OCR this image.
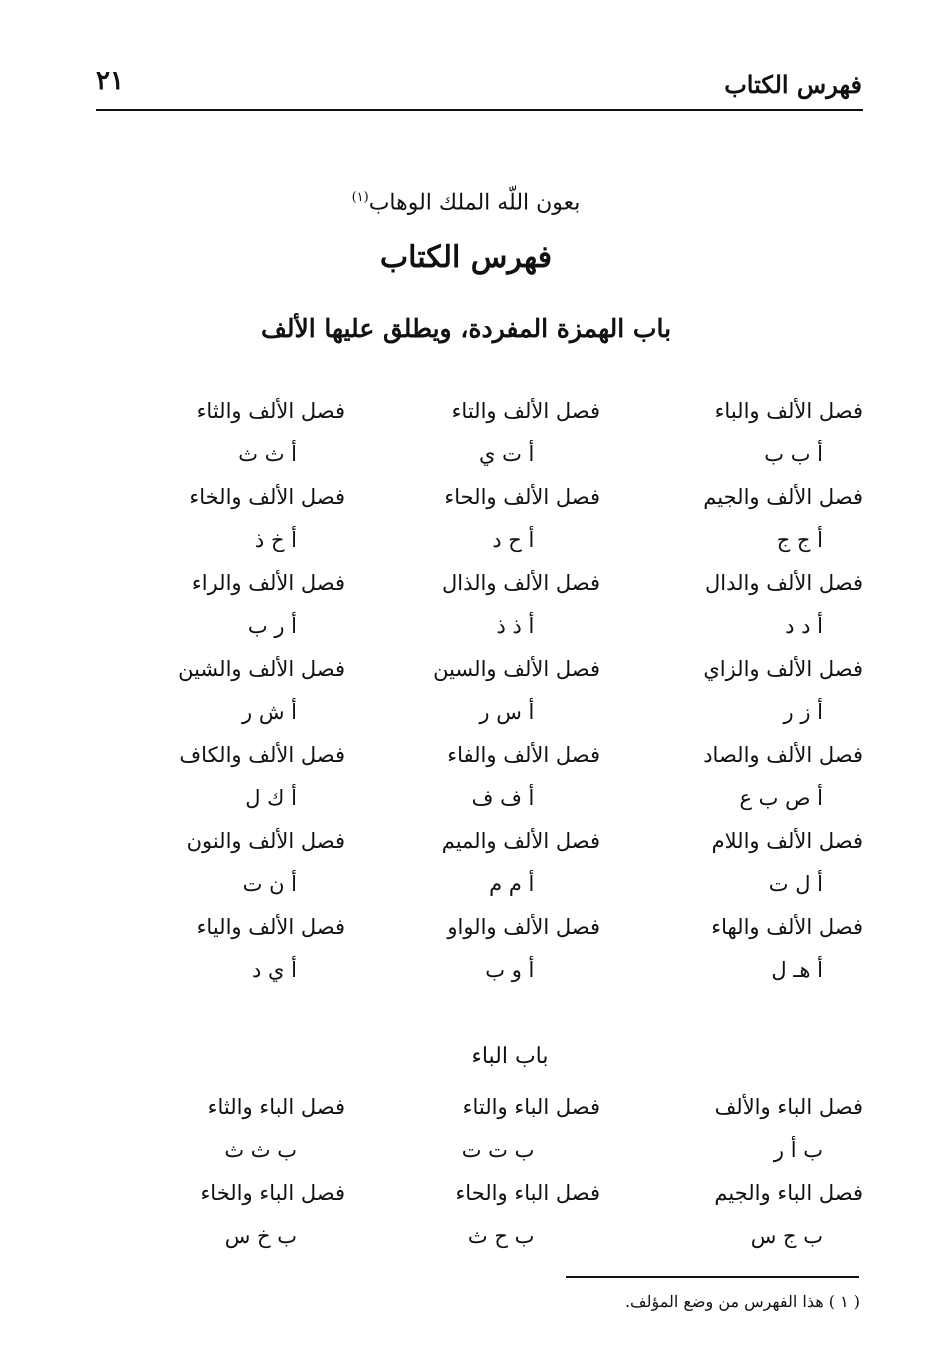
فهرس الكتاب
٢١
بعون اللّه الملك الوهاب$^{(١)}$
فهرس الكتاب
باب الهمزة المفردة، ويطلق عليها الألف
فصل الألف والباء
فصل الألف والتاء
فصل الألف والثاء
أ ب ب
أ ت ي
أ ث ث
فصل الألف والجيم
فصل الألف والحاء
فصل الألف والخاء
أ ج ج
أ ح د
أ خ ذ
فصل الألف والدال
فصل الألف والذال
فصل الألف والراء
أ د د
أ ذ ذ
أ ر ب
فصل الألف والزاي
فصل الألف والسين
فصل الألف والشين
أ ز ر
أ س ر
أ ش ر
فصل الألف والصاد
فصل الألف والفاء
فصل الألف والكاف
أ ص ب ع
أ ف ف
أ ك ل
فصل الألف واللام
فصل الألف والميم
فصل الألف والنون
أ ل ت
أ م م
أ ن ت
فصل الألف والهاء
فصل الألف والواو
فصل الألف والياء
أ هـ ل
أ و ب
أ ي د
باب الباء
فصل الباء والألف
فصل الباء والتاء
فصل الباء والثاء
ب أ ر
ب ت ت
ب ث ث
فصل الباء والجيم
فصل الباء والحاء
فصل الباء والخاء
ب ج س
ب ح ث
ب خ س
( ١ ) هذا الفهرس من وضع المؤلف.
